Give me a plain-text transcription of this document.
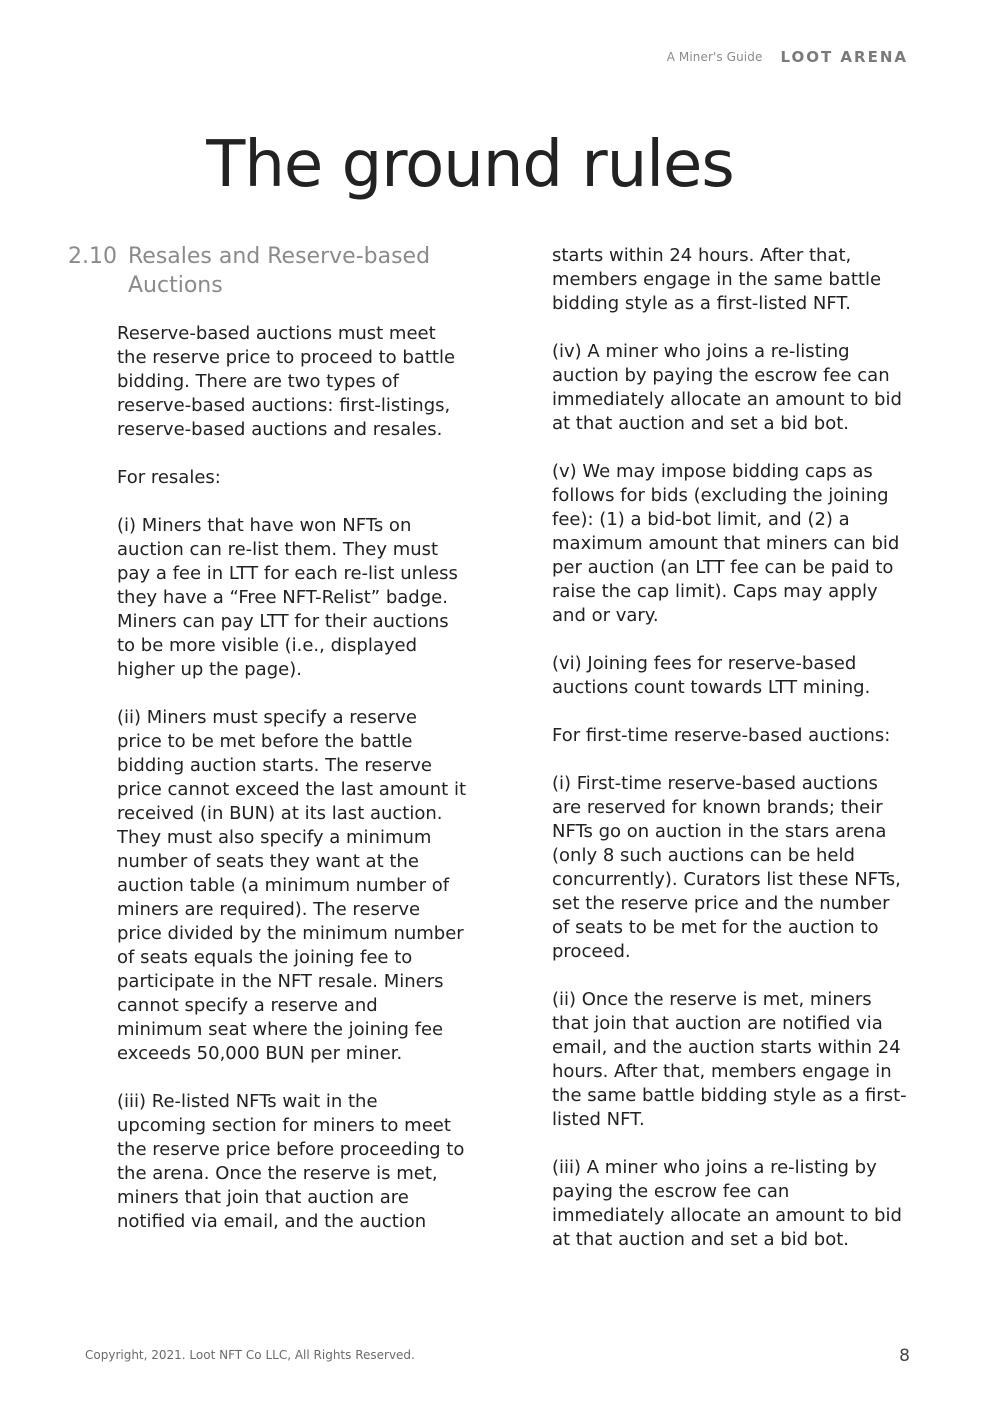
A Miner's Guide LOOT ARENA
The ground rules
2.10 Resales and Reserve-based
Auctions

Reserve-based auctions must meet the reserve price to proceed to battle bidding. There are two types of reserve-based auctions: first-listings, reserve-based auctions and resales.

For resales:

(i) Miners that have won NFTs on auction can re-list them. They must pay a fee in LTT for each re-list unless they have a “Free NFT-Relist” badge. Miners can pay LTT for their auctions to be more visible (i.e., displayed higher up the page).

(ii) Miners must specify a reserve price to be met before the battle bidding auction starts. The reserve price cannot exceed the last amount it received (in BUN) at its last auction. They must also specify a minimum number of seats they want at the auction table (a minimum number of miners are required). The reserve price divided by the minimum number of seats equals the joining fee to participate in the NFT resale. Miners cannot specify a reserve and minimum seat where the joining fee exceeds 50,000 BUN per miner.

(iii) Re-listed NFTs wait in the upcoming section for miners to meet the reserve price before proceeding to the arena. Once the reserve is met, miners that join that auction are notified via email, and the auction

starts within 24 hours. After that, members engage in the same battle bidding style as a first-listed NFT.

(iv) A miner who joins a re-listing auction by paying the escrow fee can immediately allocate an amount to bid at that auction and set a bid bot.

(v) We may impose bidding caps as follows for bids (excluding the joining fee): (1) a bid-bot limit, and (2) a maximum amount that miners can bid per auction (an LTT fee can be paid to raise the cap limit). Caps may apply and or vary.

(vi) Joining fees for reserve-based auctions count towards LTT mining.

For first-time reserve-based auctions:

(i) First-time reserve-based auctions are reserved for known brands; their NFTs go on auction in the stars arena (only 8 such auctions can be held concurrently). Curators list these NFTs, set the reserve price and the number of seats to be met for the auction to proceed.

(ii) Once the reserve is met, miners that join that auction are notified via email, and the auction starts within 24 hours. After that, members engage in the same battle bidding style as a first-listed NFT.

(iii) A miner who joins a re-listing by paying the escrow fee can immediately allocate an amount to bid at that auction and set a bid bot.

Copyright, 2021. Loot NFT Co LLC, All Rights Reserved.	8
